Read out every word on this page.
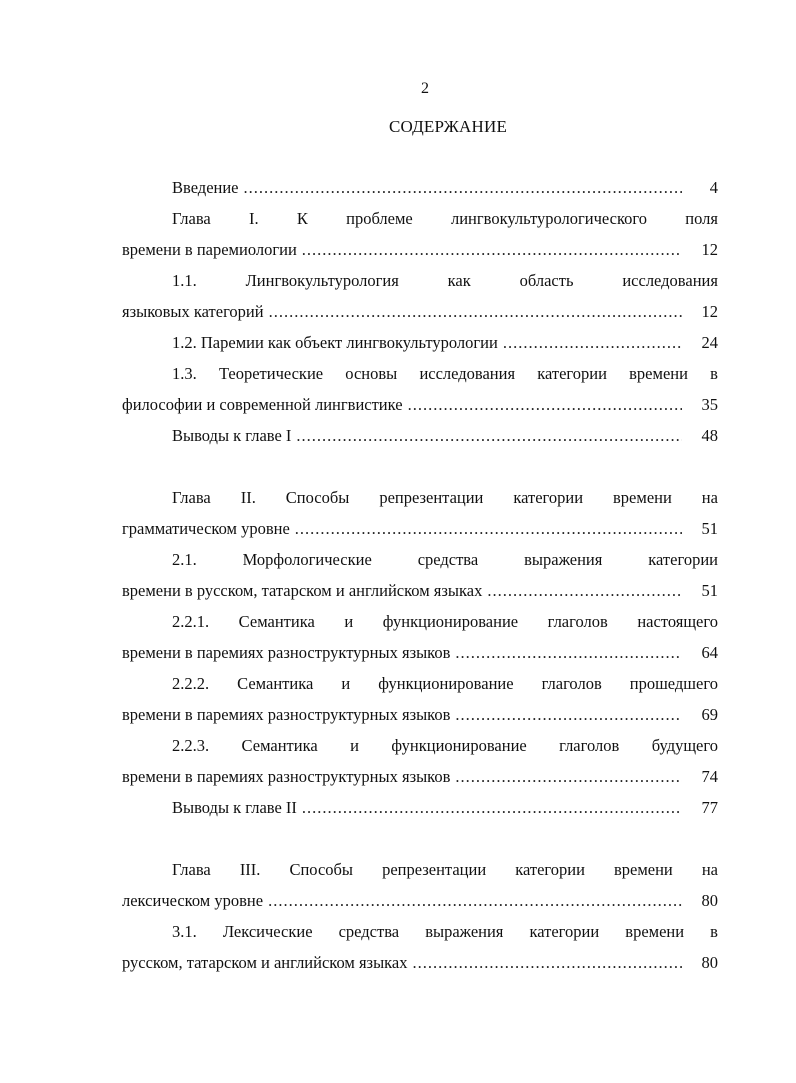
2
СОДЕРЖАНИЕ
Введение .....	4
Глава I. К проблеме лингвокультурологического поля
времени в паремиологии .....	12
1.1.	Лингвокультурология	как	область	исследования
языковых категорий .....	12
1.2. Паремии как объект лингвокультурологии .....	24
1.3. Теоретические основы исследования категории времени в
философии и современной лингвистике .....	35
Выводы к главе I .....	48
Глава II. Способы репрезентации категории времени на
грамматическом уровне .....	51
2.1.	Морфологические	средства	выражения	категории
времени в русском, татарском и английском языках .....	51
2.2.1. Семантика и функционирование глаголов настоящего
времени в паремиях разноструктурных языков .....	64
2.2.2. Семантика и функционирование глаголов прошедшего
времени в паремиях разноструктурных языков .....	69
2.2.3. Семантика и функционирование глаголов будущего
времени в паремиях разноструктурных языков .....	74
Выводы к главе II .....	77
Глава III. Способы репрезентации категории времени на
лексическом уровне .....	80
3.1. Лексические средства выражения категории времени в
русском, татарском и английском языках .....	80
